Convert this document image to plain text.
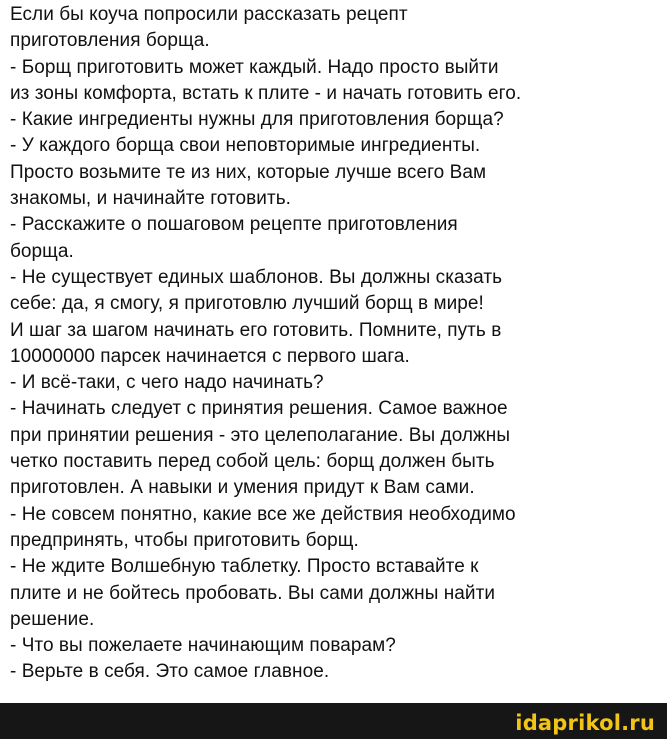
Если бы коуча попросили рассказать рецепт
приготовления борща.
- Борщ приготовить может каждый. Надо просто выйти
из зоны комфорта, встать к плите - и начать готовить его.
- Какие ингредиенты нужны для приготовления борща?
- У каждого борща свои неповторимые ингредиенты.
Просто возьмите те из них, которые лучше всего Вам
знакомы, и начинайте готовить.
- Расскажите о пошаговом рецепте приготовления
борща.
- Не существует единых шаблонов. Вы должны сказать
себе: да, я смогу, я приготовлю лучший борщ в мире!
И шаг за шагом начинать его готовить. Помните, путь в
10000000 парсек начинается с первого шага.
- И всё-таки, с чего надо начинать?
- Начинать следует с принятия решения. Самое важное
при принятии решения - это целеполагание. Вы должны
четко поставить перед собой цель: борщ должен быть
приготовлен. А навыки и умения придут к Вам сами.
- Не совсем понятно, какие все же действия необходимо
предпринять, чтобы приготовить борщ.
- Не ждите Волшебную таблетку. Просто вставайте к
плите и не бойтесь пробовать. Вы сами должны найти
решение.
- Что вы пожелаете начинающим поварам?
- Верьте в себя. Это самое главное.
idaprikol.ru
